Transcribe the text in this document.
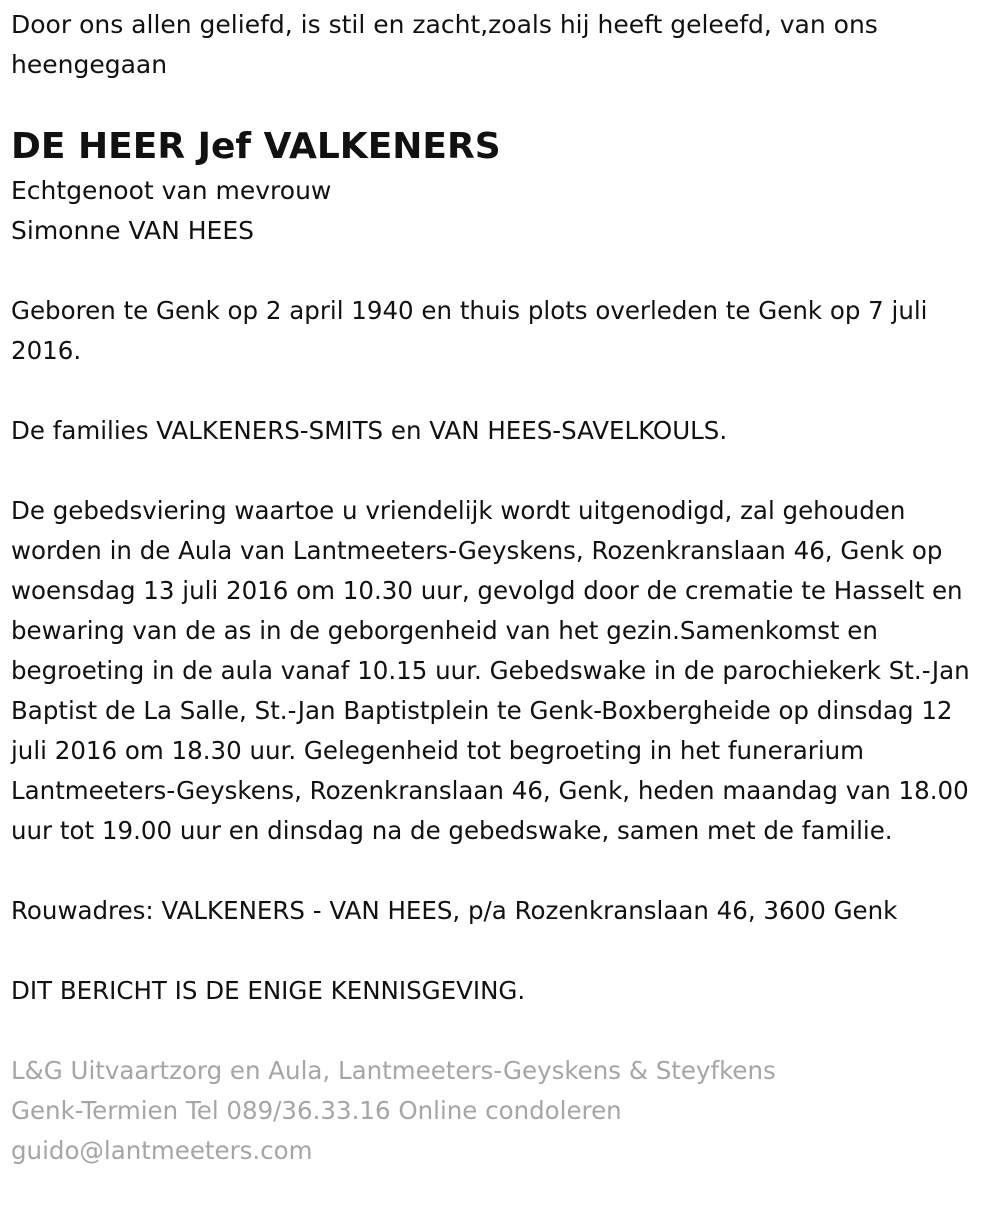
Door ons allen geliefd, is stil en zacht,zoals hij heeft geleefd, van ons heengegaan

DE HEER Jef VALKENERS

Echtgenoot van mevrouw

Simonne VAN HEES

Geboren te Genk op 2 april 1940 en thuis plots overleden te Genk op 7 juli 2016.

De families VALKENERS-SMITS en VAN HEES-SAVELKOULS.

De gebedsviering waartoe u vriendelijk wordt uitgenodigd, zal gehouden worden in de Aula van Lantmeeters-Geyskens, Rozenkranslaan 46, Genk op woensdag 13 juli 2016 om 10.30 uur, gevolgd door de crematie te Hasselt en bewaring van de as in de geborgenheid van het gezin.Samenkomst en begroeting in de aula vanaf 10.15 uur. Gebedswake in de parochiekerk St.-Jan Baptist de La Salle, St.-Jan Baptistplein te Genk-Boxbergheide op dinsdag 12 juli 2016 om 18.30 uur. Gelegenheid tot begroeting in het funerarium Lantmeeters-Geyskens, Rozenkranslaan 46, Genk, heden maandag van 18.00 uur tot 19.00 uur en dinsdag na de gebedswake, samen met de familie.

Rouwadres: VALKENERS - VAN HEES, p/a Rozenkranslaan 46, 3600 Genk

DIT BERICHT IS DE ENIGE KENNISGEVING.

L&G Uitvaartzorg en Aula, Lantmeeters-Geyskens & Steyfkens

Genk-Termien Tel 089/36.33.16 Online condoleren

guido@lantmeeters.com
